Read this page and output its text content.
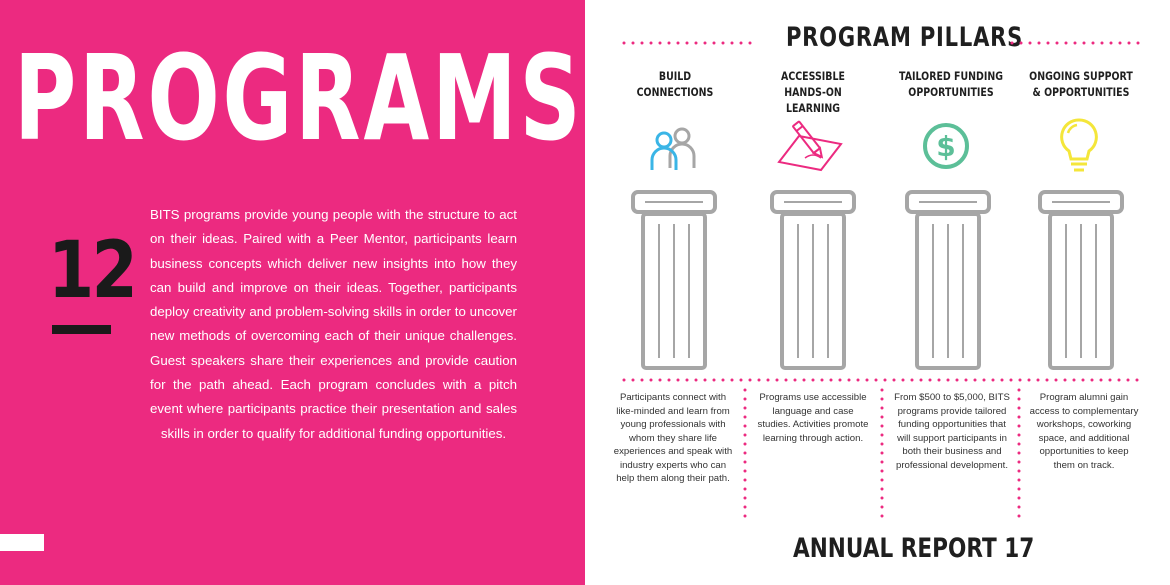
PROGRAMS
12

BITS programs provide young people with the structure to act on their ideas. Paired with a Peer Mentor, participants learn business concepts which deliver new insights into how they can build and improve on their ideas. Together, participants deploy creativity and problem-solving skills in order to uncover new methods of overcoming each of their unique challenges. Guest speakers share their experiences and provide caution for the path ahead. Each program concludes with a pitch event where participants practice their presentation and sales skills in order to qualify for additional funding opportunities.

PROGRAM PILLARS
BUILD
CONNECTIONS
ACCESSIBLE
HANDS-ON LEARNING
TAILORED FUNDING
OPPORTUNITIES
ONGOING SUPPORT
& OPPORTUNITIES
$

Participants connect with like-minded and learn from young professionals with whom they share life experiences and speak with industry experts who can help them along their path.

Programs use accessible language and case studies. Activities promote learning through action.

From $500 to $5,000, BITS programs provide tailored funding opportunities that will support participants in both their business and professional development.

Program alumni gain access to complementary workshops, coworking space, and additional opportunities to keep them on track.

ANNUAL REPORT 17
